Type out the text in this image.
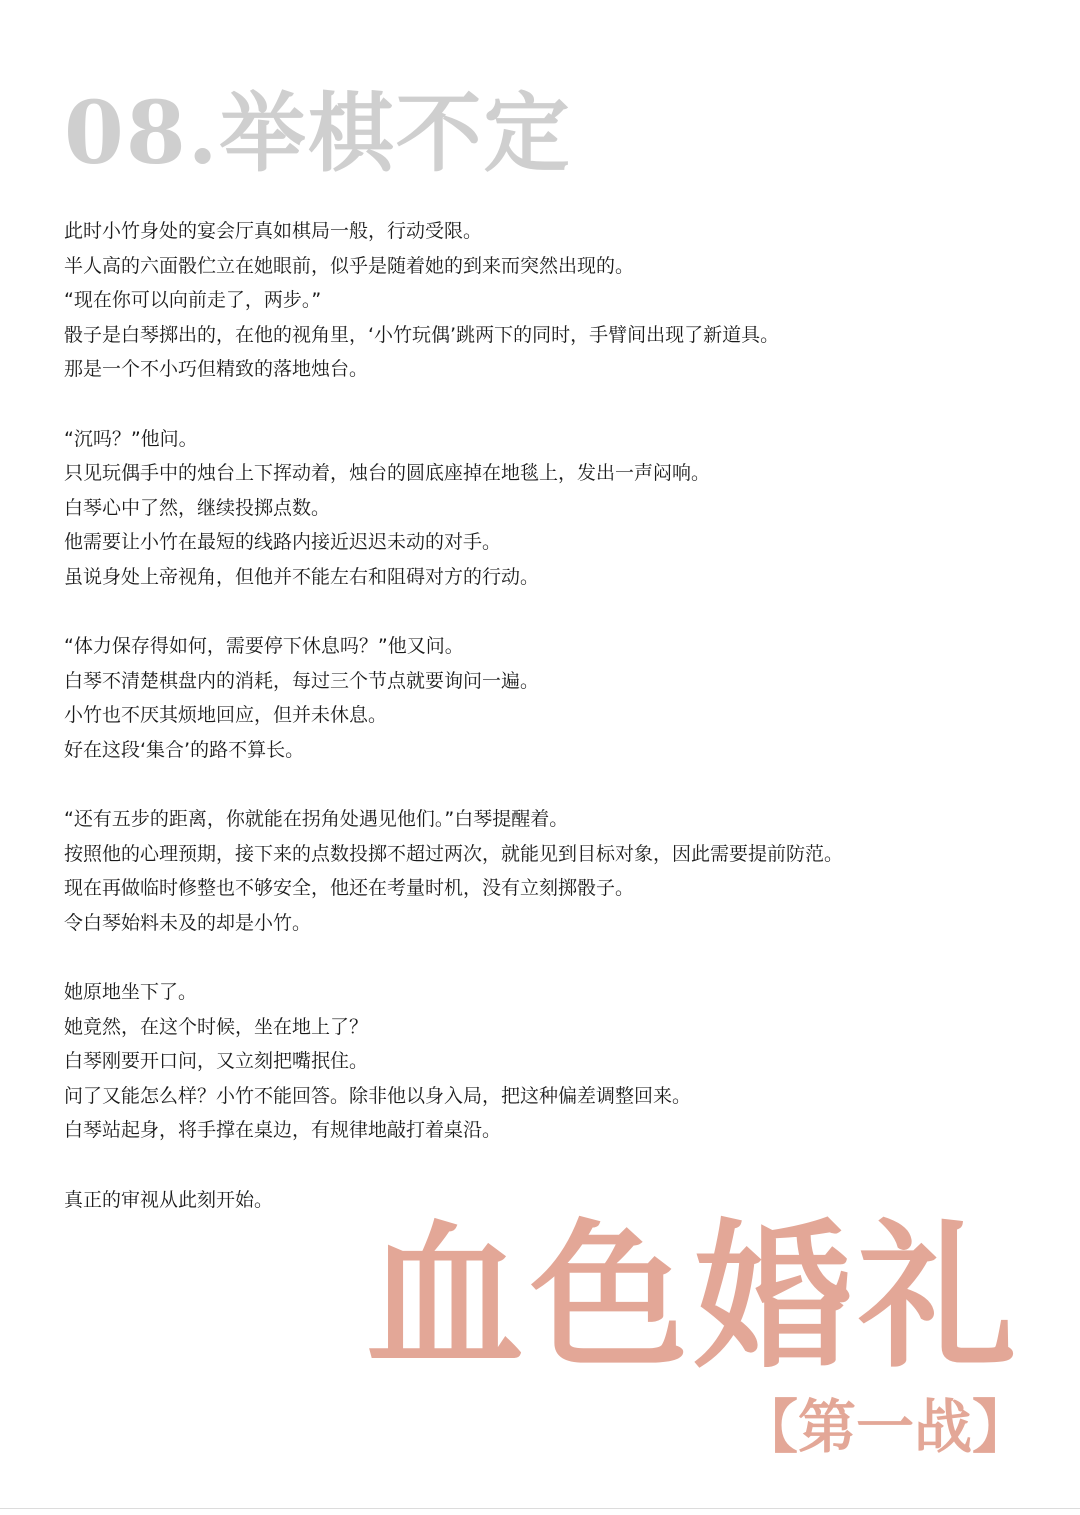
08.举棋不定
此时小竹身处的宴会厅真如棋局一般，行动受限。
半人高的六面骰伫立在她眼前，似乎是随着她的到来而突然出现的。
“现在你可以向前走了，两步。”
骰子是白琴掷出的，在他的视角里，‘小竹玩偶’跳两下的同时，手臂间出现了新道具。
那是一个不小巧但精致的落地烛台。
“沉吗？”他问。
只见玩偶手中的烛台上下挥动着，烛台的圆底座掉在地毯上，发出一声闷响。
白琴心中了然，继续投掷点数。
他需要让小竹在最短的线路内接近迟迟未动的对手。
虽说身处上帝视角，但他并不能左右和阻碍对方的行动。
“体力保存得如何，需要停下休息吗？”他又问。
白琴不清楚棋盘内的消耗，每过三个节点就要询问一遍。
小竹也不厌其烦地回应，但并未休息。
好在这段‘集合’的路不算长。
“还有五步的距离，你就能在拐角处遇见他们。”白琴提醒着。
按照他的心理预期，接下来的点数投掷不超过两次，就能见到目标对象，因此需要提前防范。
现在再做临时修整也不够安全，他还在考量时机，没有立刻掷骰子。
令白琴始料未及的却是小竹。
她原地坐下了。
她竟然，在这个时候，坐在地上了？
白琴刚要开口问，又立刻把嘴抿住。
问了又能怎么样？小竹不能回答。除非他以身入局，把这种偏差调整回来。
白琴站起身，将手撑在桌边，有规律地敲打着桌沿。
真正的审视从此刻开始。
血色婚礼
【第一战】
